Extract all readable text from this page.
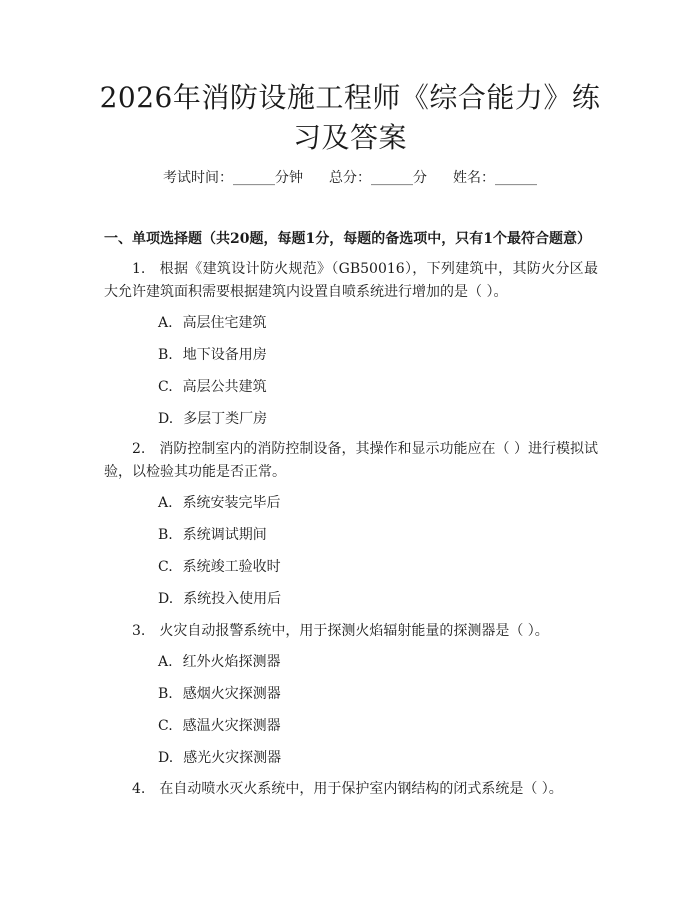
2026年消防设施工程师《综合能力》练习及答案
考试时间：______分钟 总分：______分 姓名：______
一、单项选择题（共20题，每题1分，每题的备选项中，只有1个最符合题意）
1. 根据《建筑设计防火规范》（GB50016），下列建筑中，其防火分区最大允许建筑面积需要根据建筑内设置自喷系统进行增加的是（ ）。
A. 高层住宅建筑
B. 地下设备用房
C. 高层公共建筑
D. 多层丁类厂房
2. 消防控制室内的消防控制设备，其操作和显示功能应在（ ）进行模拟试验，以检验其功能是否正常。
A. 系统安装完毕后
B. 系统调试期间
C. 系统竣工验收时
D. 系统投入使用后
3. 火灾自动报警系统中，用于探测火焰辐射能量的探测器是（ ）。
A. 红外火焰探测器
B. 感烟火灾探测器
C. 感温火灾探测器
D. 感光火灾探测器
4. 在自动喷水灭火系统中，用于保护室内钢结构的闭式系统是（ ）。
